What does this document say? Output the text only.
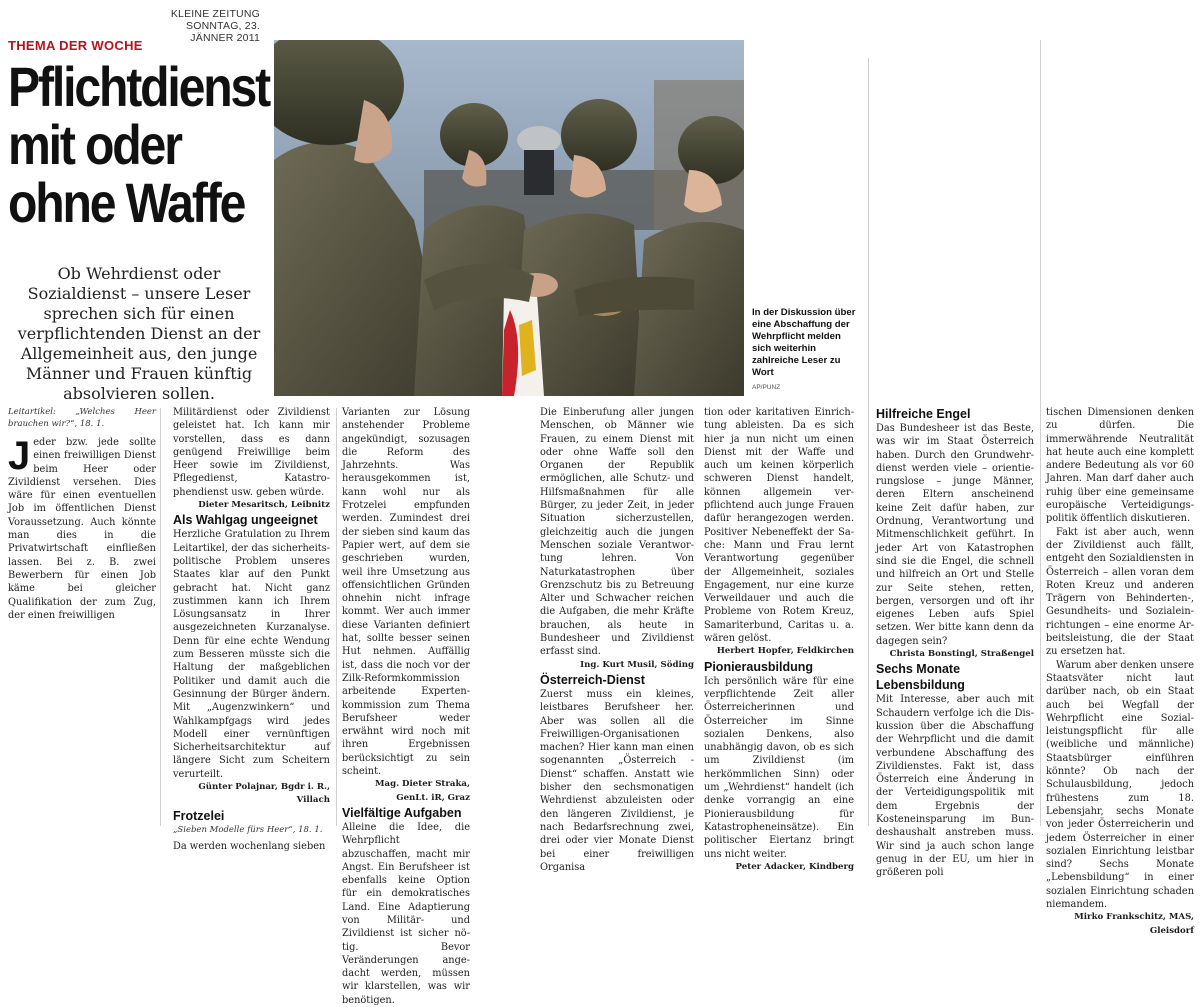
KLEINE ZEITUNG
SONNTAG, 23. JÄNNER 2011
THEMA DER WOCHE
Pflichtdienst
mit oder
ohne Waffe
Ob Wehrdienst oder Sozialdienst – unsere Leser sprechen sich für einen verpflichtenden Dienst an der Allgemeinheit aus, den junge Männer und Frauen künftig absolvieren sollen.
In der Diskussion über eine Abschaffung der Wehrpflicht melden sich weiterhin zahlreiche Leser zu Wort
AP/PUNZ

Leitartikel: „Welches Heer brauchen wir?“, 18. 1.

Jeder bzw. jede sollte einen freiwilligen Dienst beim Heer oder Zivildienst versehen. Dies wäre für einen eventuellen Job im öffentlichen Dienst Voraussetzung. Auch könnte man dies in die Privatwirtschaft einfließen lassen. Bei z. B. zwei Bewerbern für einen Job käme bei gleicher Qualifikation der zum Zug, der einen freiwilligen

Militärdienst oder Zivildienst geleistet hat. Ich kann mir vorstellen, dass es dann genügend Freiwillige beim Heer sowie im Zivildienst, Pflegedienst, Katastrophendienst usw. geben würde.

Dieter Mesaritsch, Leibnitz

Als Wahlgag ungeeignet

Herzliche Gratulation zu Ihrem Leitartikel, der das sicherheitspolitische Problem unseres Staates klar auf den Punkt gebracht hat. Nicht ganz zustimmen kann ich Ihrem Lösungsansatz in Ihrer ausgezeichneten Kurzanalyse. Denn für eine echte Wendung zum Besseren müsste sich die Haltung der maßgeblichen Politiker und damit auch die Gesinnung der Bürger ändern. Mit „Augenzwinkern“ und Wahlkampfgags wird jedes Modell einer vernünftigen Sicherheitsarchitektur auf längere Sicht zum Scheitern verurteilt.

Günter Polajnar, Bgdr i. R., Villach

Frotzelei

„Sieben Modelle fürs Heer“, 18. 1.

Da werden wochenlang sieben

Varianten zur Lösung anstehender Probleme angekündigt, sozusagen die Reform des Jahrzehnts. Was herausgekommen ist, kann wohl nur als Frotzelei empfunden werden. Zumindest drei der sieben sind kaum das Papier wert, auf dem sie geschrieben wurden, weil ihre Umsetzung aus offensichtlichen Gründen ohnehin nicht infrage kommt. Wer auch immer diese Varianten definiert hat, sollte besser seinen Hut nehmen. Auffällig ist, dass die noch vor der Zilk-Reformkommission arbeitende Expertenkommission zum Thema Berufsheer weder erwähnt wird noch mit ihren Ergebnissen berücksichtigt zu sein scheint.

Mag. Dieter Straka, GenLt. iR, Graz

Vielfältige Aufgaben

Alleine die Idee, die Wehrpflicht abzuschaffen, macht mir Angst. Ein Berufsheer ist ebenfalls keine Option für ein demokratisches Land. Eine Adaptierung von Militär- und Zivildienst ist sicher nötig. Bevor Veränderungen angedacht werden, müssen wir klarstellen, was wir benötigen.

Die Einberufung aller jungen Menschen, ob Männer wie Frauen, zu einem Dienst mit oder ohne Waffe soll den Organen der Republik ermöglichen, alle Schutz- und Hilfsmaßnahmen für alle Bürger, zu jeder Zeit, in jeder Situation sicherzustellen, gleichzeitig auch die jungen Menschen soziale Verantwortung lehren. Von Naturkatastrophen über Grenzschutz bis zu Betreuung Alter und Schwacher reichen die Aufgaben, die mehr Kräfte brauchen, als heute in Bundesheer und Zivildienst erfasst sind.

Ing. Kurt Musil, Söding

Österreich-Dienst

Zuerst muss ein kleines, leistbares Berufsheer her. Aber was sollen all die Freiwilligen-Organisationen machen? Hier kann man einen sogenannten „Österreich -Dienst“ schaffen. Anstatt wie bisher den sechsmonatigen Wehrdienst abzuleisten oder den längeren Zivildienst, je nach Bedarfsrechnung zwei, drei oder vier Monate Dienst bei einer freiwilligen Organisa

tion oder karitativen Einrichtung ableisten. Da es sich hier ja nun nicht um einen Dienst mit der Waffe und auch um keinen körperlich schweren Dienst handelt, können allgemein verpflichtend auch junge Frauen dafür herangezogen werden. Positiver Nebeneffekt der Sache: Mann und Frau lernt Verantwortung gegenüber der Allgemeinheit, soziales Engagement, nur eine kurze Verweildauer und auch die Probleme von Rotem Kreuz, Samariterbund, Caritas u. a. wären gelöst.

Herbert Hopfer, Feldkirchen

Pionierausbildung

Ich persönlich wäre für eine verpflichtende Zeit aller Österreicherinnen und Österreicher im Sinne sozialen Denkens, also unabhängig davon, ob es sich um Zivildienst (im herkömmlichen Sinn) oder um „Wehrdienst“ handelt (ich denke vorrangig an eine Pionierausbildung für Katastropheneinsätze). Ein politischer Eiertanz bringt uns nicht weiter.

Peter Adacker, Kindberg

Hilfreiche Engel

Das Bundesheer ist das Beste, was wir im Staat Österreich haben. Durch den Grundwehrdienst werden viele – orientierungslose – junge Männer, deren Eltern anscheinend keine Zeit dafür haben, zur Ordnung, Verantwortung und Mitmenschlichkeit geführt. In jeder Art von Katastrophen sind sie die Engel, die schnell und hilfreich an Ort und Stelle zur Seite stehen, retten, bergen, versorgen und oft ihr eigenes Leben aufs Spiel setzen. Wer bitte kann denn da dagegen sein?

Christa Bonstingl, Straßengel

Sechs Monate Lebensbildung

Mit Interesse, aber auch mit Schaudern verfolge ich die Diskussion über die Abschaffung der Wehrpflicht und die damit verbundene Abschaffung des Zivildienstes. Fakt ist, dass Österreich eine Änderung in der Verteidigungspolitik mit dem Ergebnis der Kosteneinsparung im Bundeshaushalt anstreben muss. Wir sind ja auch schon lange genug in der EU, um hier in größeren poli

tischen Dimensionen denken zu dürfen. Die immerwährende Neutralität hat heute auch eine komplett andere Bedeutung als vor 60 Jahren. Man darf daher auch ruhig über eine gemeinsame europäische Verteidigungspolitik öffentlich diskutieren.

Fakt ist aber auch, wenn der Zivildienst auch fällt, entgeht den Sozialdiensten in Österreich – allen voran dem Roten Kreuz und anderen Trägern von Behinderten-, Gesundheits- und Sozialeinrichtungen – eine enorme Arbeitsleistung, die der Staat zu ersetzen hat.

Warum aber denken unsere Staatsväter nicht laut darüber nach, ob ein Staat auch bei Wegfall der Wehrpflicht eine Sozialleistungspflicht für alle (weibliche und männliche) Staatsbürger einführen könnte? Ob nach der Schulausbildung, jedoch frühestens zum 18. Lebensjahr, sechs Monate von jeder Österreicherin und jedem Österreicher in einer sozialen Einrichtung leistbar sind? Sechs Monate „Lebensbildung“ in einer sozialen Einrichtung schaden niemandem.

Mirko Frankschitz, MAS, Gleisdorf
